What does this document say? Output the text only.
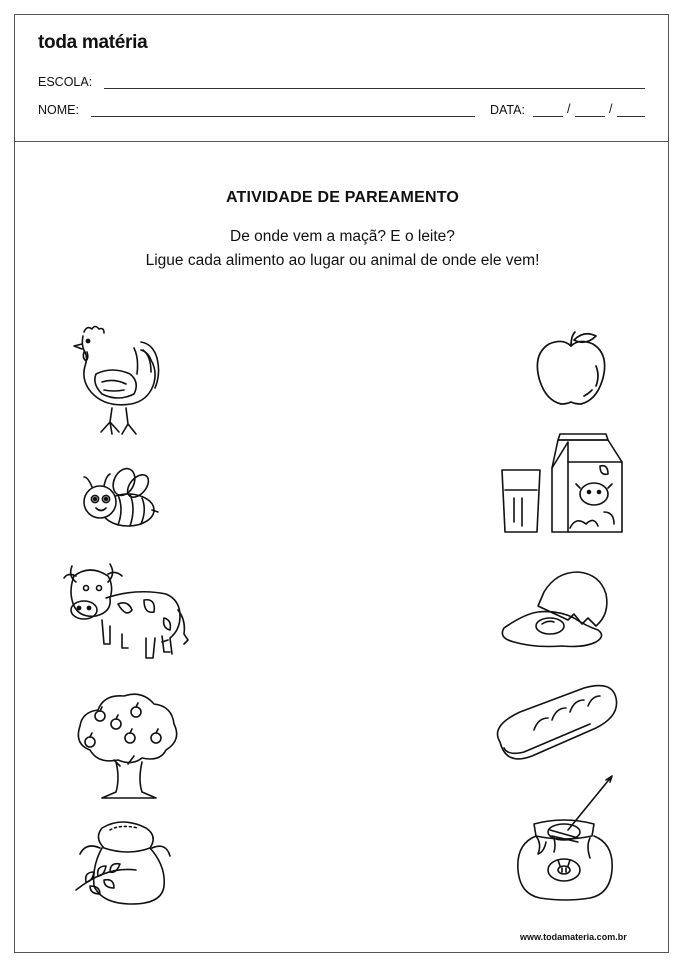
toda matéria
ESCOLA:
NOME:	DATA:	/	/
ATIVIDADE DE PAREAMENTO
De onde vem a maçã? E o leite?
Ligue cada alimento ao lugar ou animal de onde ele vem!
www.todamateria.com.br
